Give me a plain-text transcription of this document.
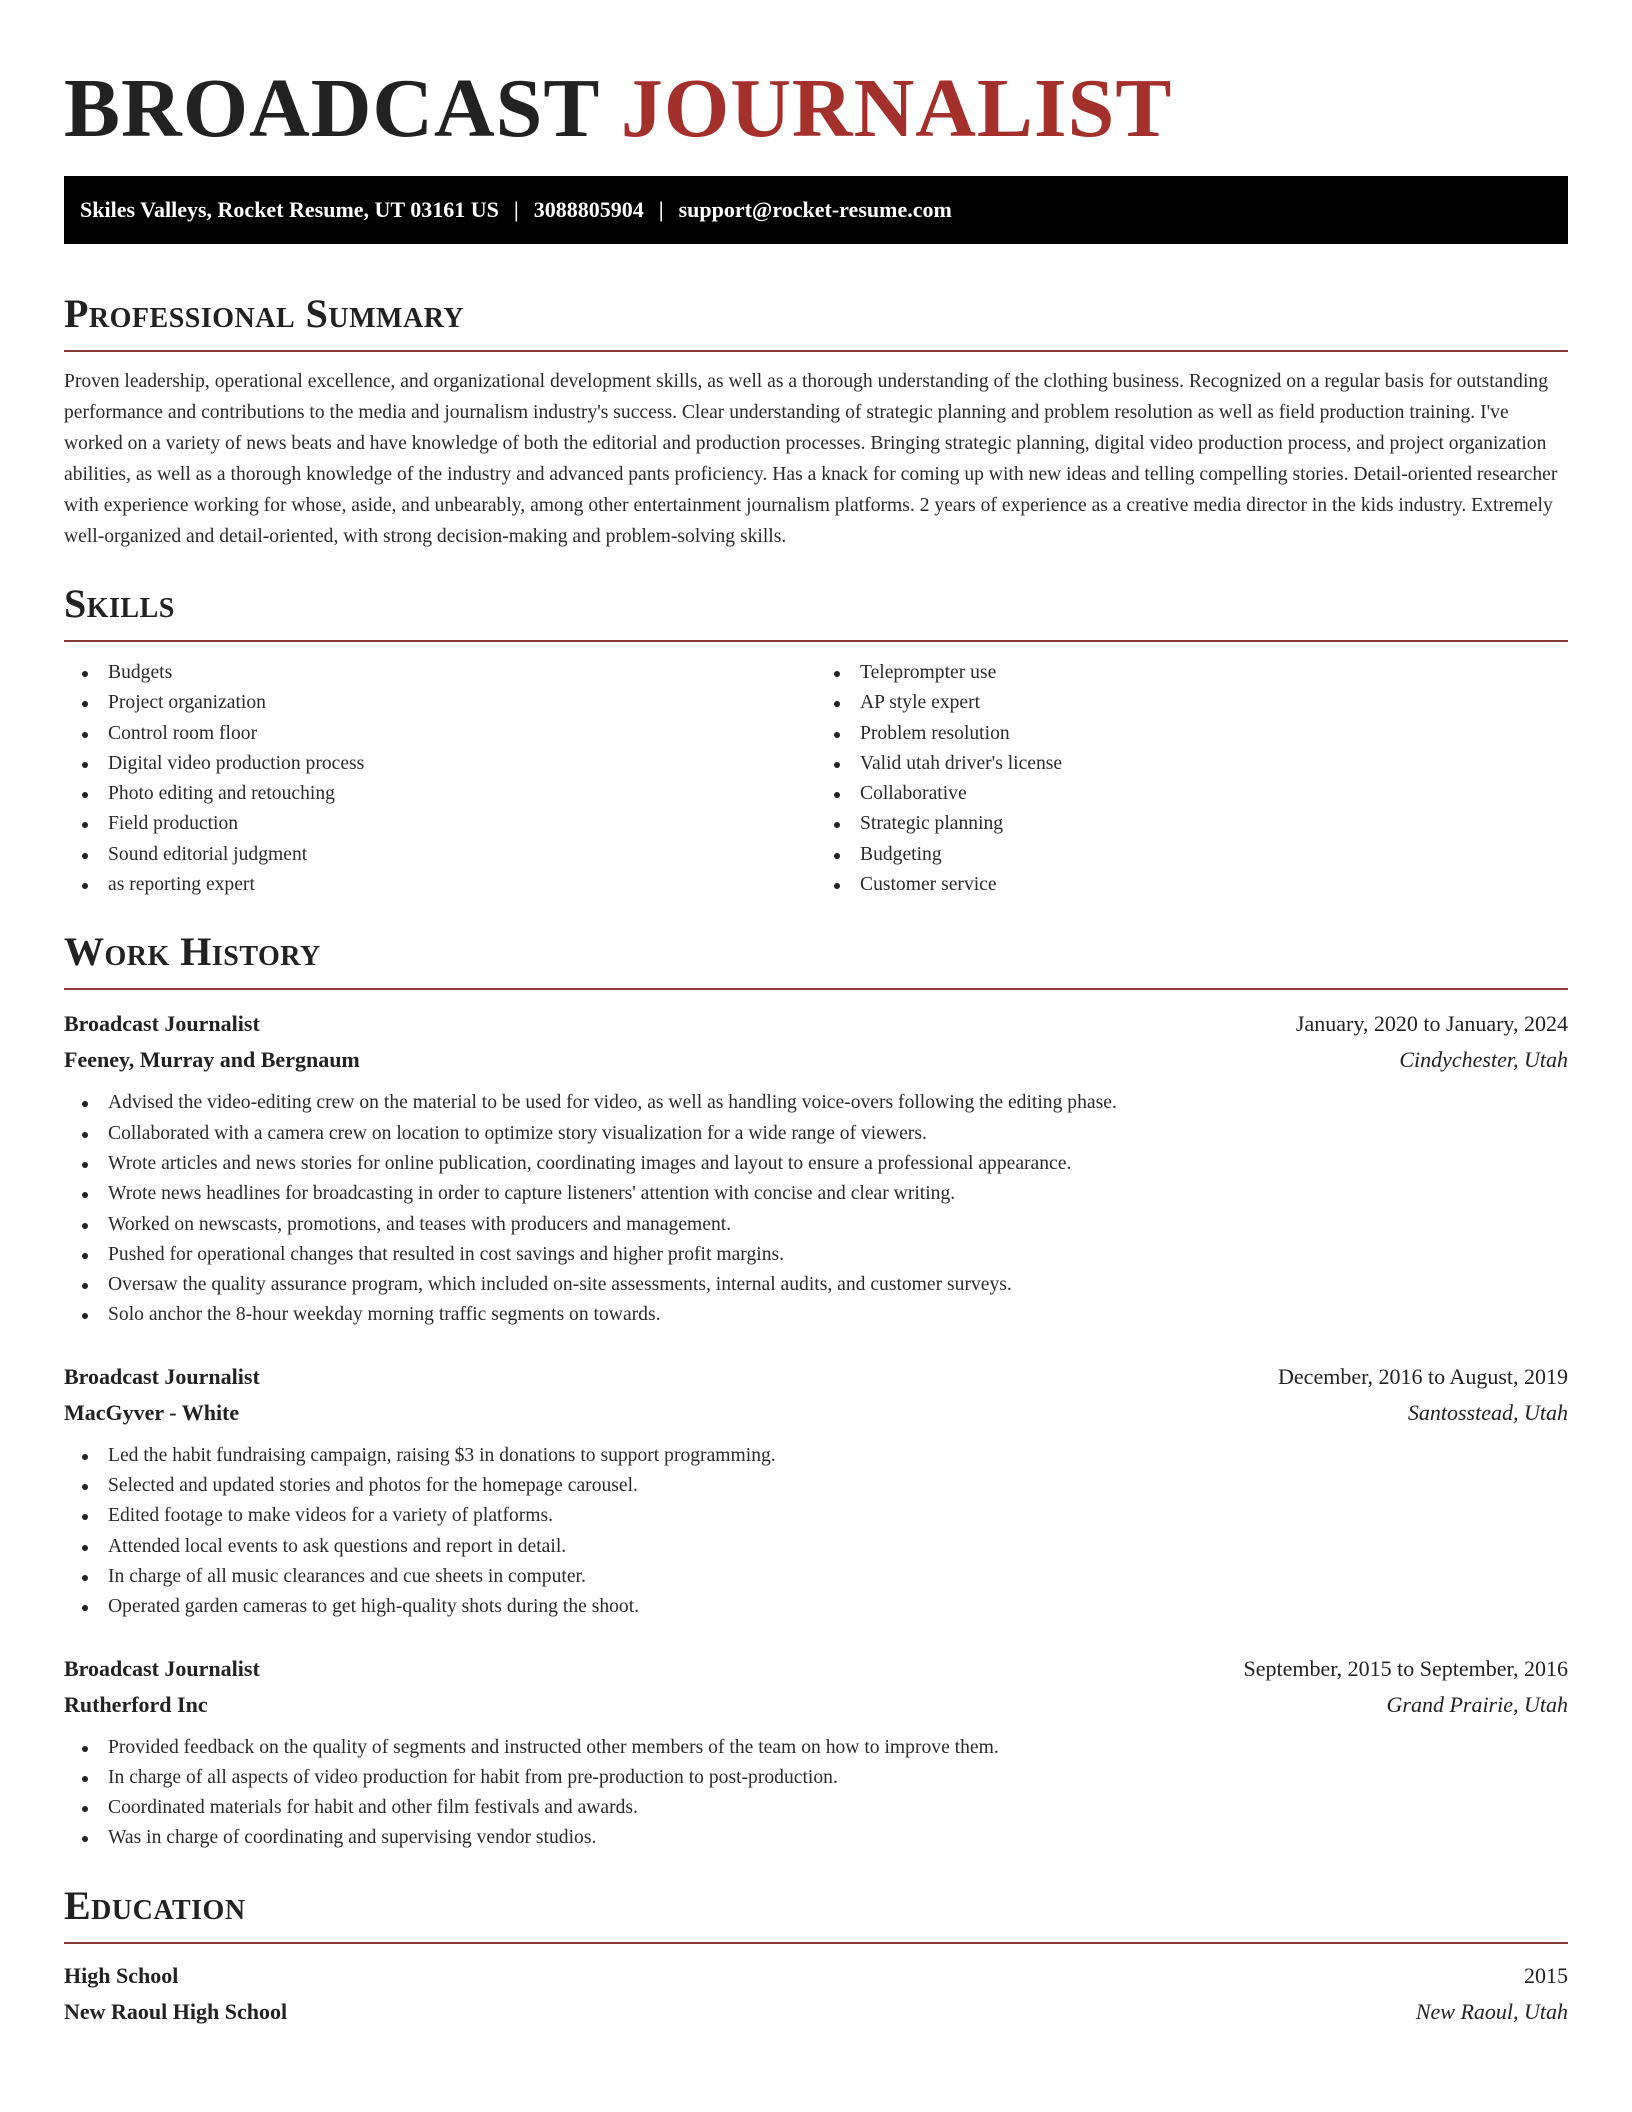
BROADCAST JOURNALIST
Skiles Valleys, Rocket Resume, UT 03161 US | 3088805904 | support@rocket-resume.com
Professional Summary

Proven leadership, operational excellence, and organizational development skills, as well as a thorough understanding of the clothing business. Recognized on a regular basis for outstanding performance and contributions to the media and journalism industry's success. Clear understanding of strategic planning and problem resolution as well as field production training. I've worked on a variety of news beats and have knowledge of both the editorial and production processes. Bringing strategic planning, digital video production process, and project organization abilities, as well as a thorough knowledge of the industry and advanced pants proficiency. Has a knack for coming up with new ideas and telling compelling stories. Detail-oriented researcher with experience working for whose, aside, and unbearably, among other entertainment journalism platforms. 2 years of experience as a creative media director in the kids industry. Extremely well-organized and detail-oriented, with strong decision-making and problem-solving skills.

Skills
Budgets
Project organization
Control room floor
Digital video production process
Photo editing and retouching
Field production
Sound editorial judgment
as reporting expert
Teleprompter use
AP style expert
Problem resolution
Valid utah driver's license
Collaborative
Strategic planning
Budgeting
Customer service
Work History
Broadcast Journalist	January, 2020 to January, 2024
Feeney, Murray and Bergnaum	Cindychester, Utah
Advised the video-editing crew on the material to be used for video, as well as handling voice-overs following the editing phase.
Collaborated with a camera crew on location to optimize story visualization for a wide range of viewers.
Wrote articles and news stories for online publication, coordinating images and layout to ensure a professional appearance.
Wrote news headlines for broadcasting in order to capture listeners' attention with concise and clear writing.
Worked on newscasts, promotions, and teases with producers and management.
Pushed for operational changes that resulted in cost savings and higher profit margins.
Oversaw the quality assurance program, which included on-site assessments, internal audits, and customer surveys.
Solo anchor the 8-hour weekday morning traffic segments on towards.
Broadcast Journalist	December, 2016 to August, 2019
MacGyver - White	Santosstead, Utah
Led the habit fundraising campaign, raising $3 in donations to support programming.
Selected and updated stories and photos for the homepage carousel.
Edited footage to make videos for a variety of platforms.
Attended local events to ask questions and report in detail.
In charge of all music clearances and cue sheets in computer.
Operated garden cameras to get high-quality shots during the shoot.
Broadcast Journalist	September, 2015 to September, 2016
Rutherford Inc	Grand Prairie, Utah
Provided feedback on the quality of segments and instructed other members of the team on how to improve them.
In charge of all aspects of video production for habit from pre-production to post-production.
Coordinated materials for habit and other film festivals and awards.
Was in charge of coordinating and supervising vendor studios.
Education
High School	2015
New Raoul High School	New Raoul, Utah
